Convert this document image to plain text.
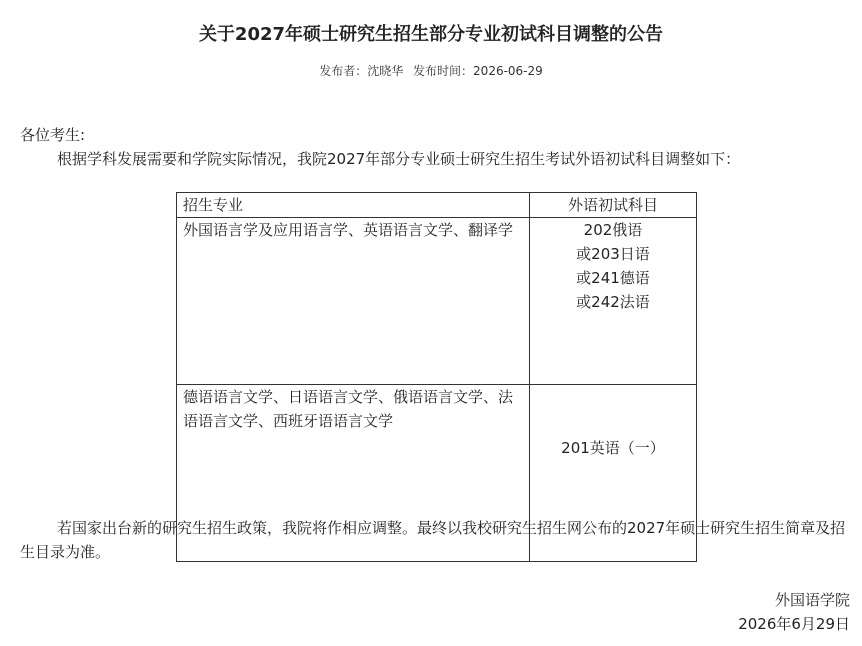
关于2027年硕士研究生招生部分专业初试科目调整的公告
发布者：沈晓华 发布时间：2026-06-29
各位考生:
根据学科发展需要和学院实际情况，我院2027年部分专业硕士研究生招生考试外语初试科目调整如下：
招生专业	外语初试科目
外国语言学及应用语言学、英语语言文学、翻译学	202俄语
或203日语
或241德语
或242法语

德语语言文学、日语语言文学、俄语语言文学、法语语言文学、西班牙语语言文学	201英语（一）
若国家出台新的研究生招生政策，我院将作相应调整。最终以我校研究生招生网公布的2027年硕士研究生招生简章及招生目录为准。
外国语学院
2026年6月29日
